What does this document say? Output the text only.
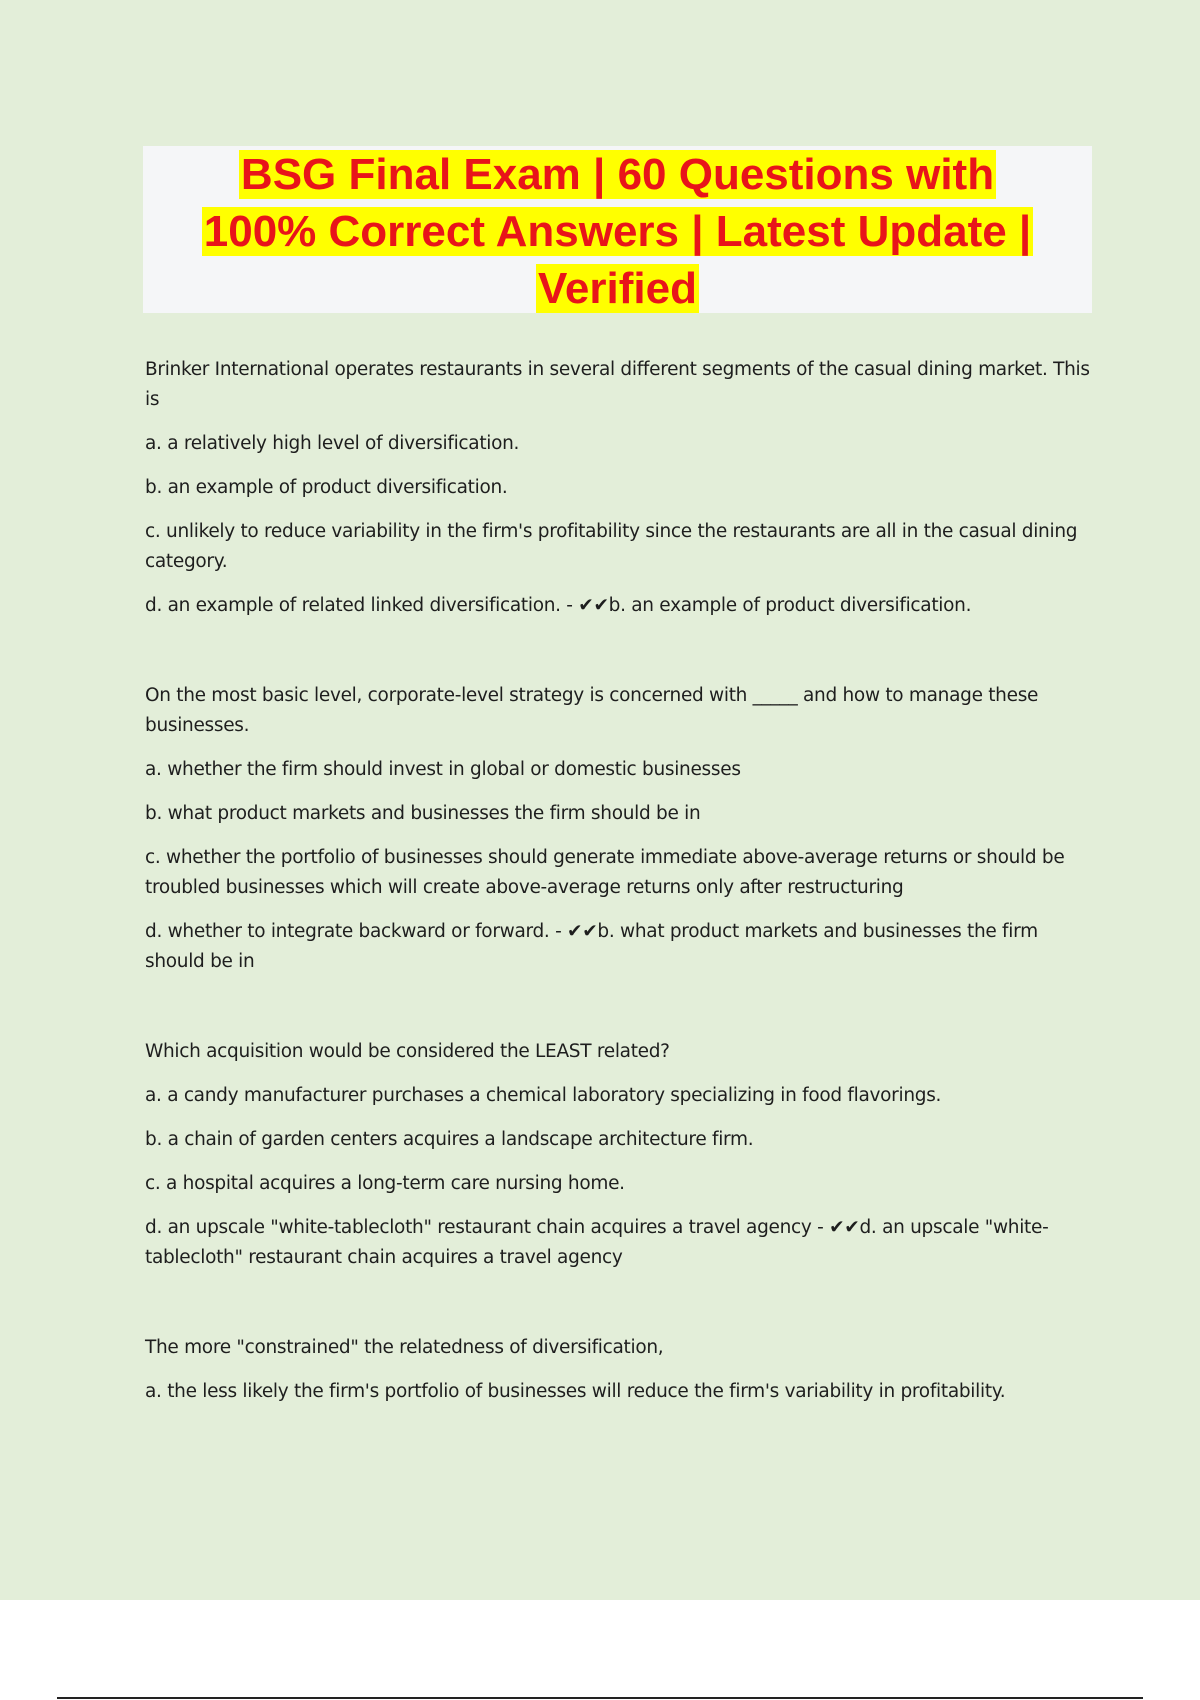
BSG Final Exam | 60 Questions with
100% Correct Answers | Latest Update |
Verified

Brinker International operates restaurants in several different segments of the casual dining market. This is

a. a relatively high level of diversification.

b. an example of product diversification.

c. unlikely to reduce variability in the firm's profitability since the restaurants are all in the casual dining category.

d. an example of related linked diversification. - ✔✔b. an example of product diversification.

On the most basic level, corporate-level strategy is concerned with _____ and how to manage these businesses.

a. whether the firm should invest in global or domestic businesses

b. what product markets and businesses the firm should be in

c. whether the portfolio of businesses should generate immediate above-average returns or should be troubled businesses which will create above-average returns only after restructuring

d. whether to integrate backward or forward. - ✔✔b. what product markets and businesses the firm should be in

Which acquisition would be considered the LEAST related?

a. a candy manufacturer purchases a chemical laboratory specializing in food flavorings.

b. a chain of garden centers acquires a landscape architecture firm.

c. a hospital acquires a long-term care nursing home.

d. an upscale "white-tablecloth" restaurant chain acquires a travel agency - ✔✔d. an upscale "white-tablecloth" restaurant chain acquires a travel agency

The more "constrained" the relatedness of diversification,

a. the less likely the firm's portfolio of businesses will reduce the firm's variability in profitability.
